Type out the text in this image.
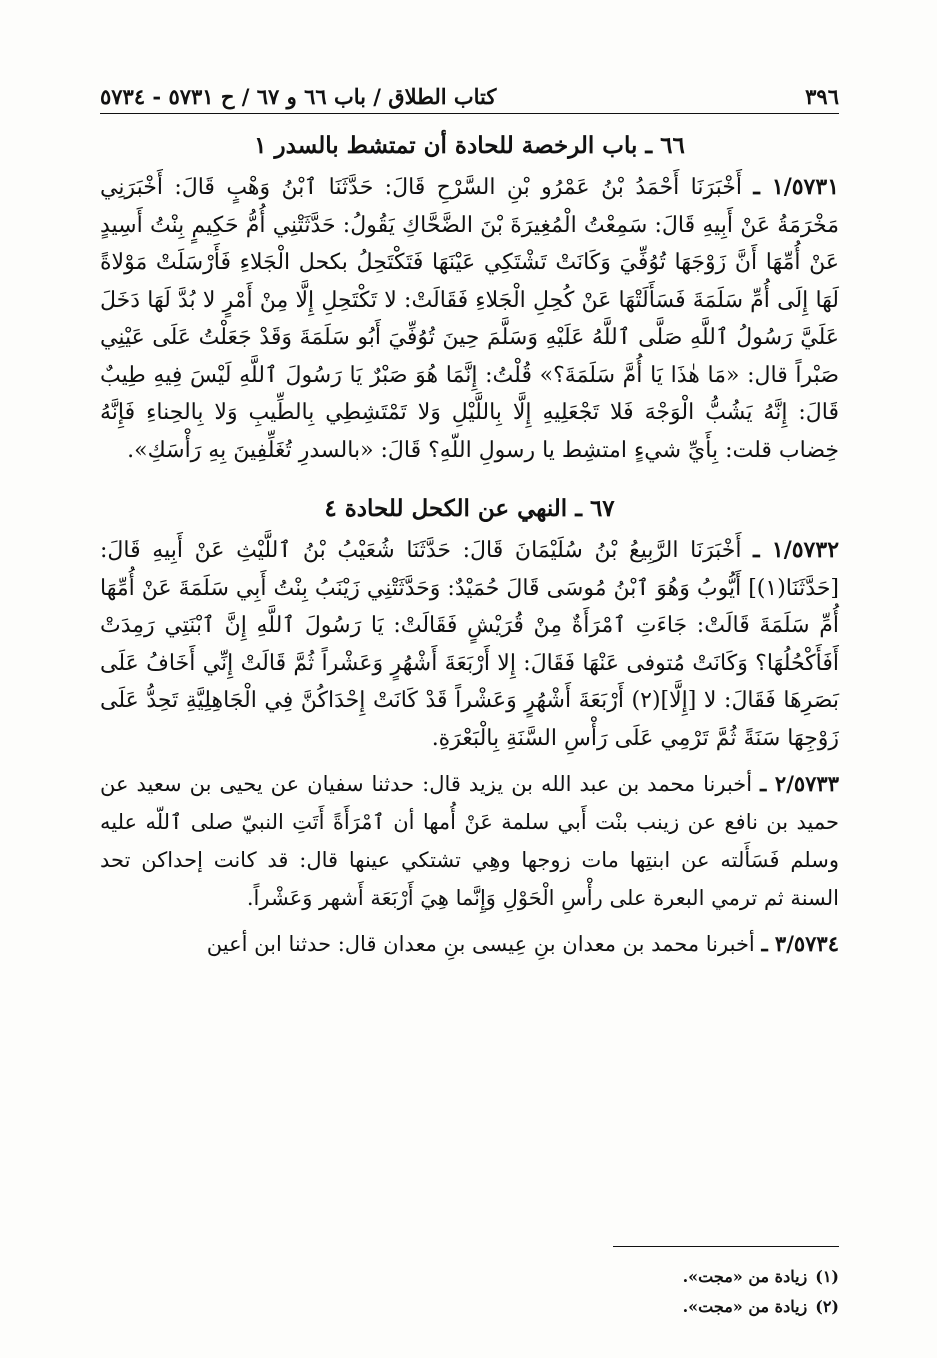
٣٩٦
كتاب الطلاق / باب ٦٦ و ٦٧ / ح ٥٧٣١ - ٥٧٣٤
٦٦ ـ باب الرخصة للحادة أن تمتشط بالسدر ١

١/٥٧٣١ ـ أَخْبَرَنَا أَحْمَدُ بْنُ عَمْرُو بْنِ السَّرْحِ قَالَ: حَدَّثَنَا ٱبْنُ وَهْبٍ قَالَ: أَخْبَرَنِي مَخْرَمَةُ عَنْ أَبِيهِ قَالَ: سَمِعْتُ الْمُغِيرَةَ بْنَ الضَّحَّاكِ يَقُولُ: حَدَّثَتْنِي أُمُّ حَكِيمٍ بِنْتُ أَسِيدٍ عَنْ أُمِّهَا أَنَّ زَوْجَهَا تُوُفِّيَ وَكَانَتْ تَشْتَكِي عَيْنَهَا فَتَكْتَحِلُ بكحل الْجَلاءِ فَأَرْسَلَتْ مَوْلاةً لَهَا إِلَى أُمِّ سَلَمَةَ فَسَأَلَتْهَا عَنْ كُحِلِ الْجَلاءِ فَقَالَتْ: لا تَكْتَحِلِ إِلَّا مِنْ أَمْرٍ لا بُدَّ لَهَا دَخَلَ عَلَيَّ رَسُولُ ٱللَّهِ صَلَّى ٱللَّهُ عَلَيْهِ وَسَلَّمَ حِينَ تُوُفِّيَ أَبُو سَلَمَةَ وَقَدْ جَعَلْتُ عَلَى عَيْنِي صَبْراً قال: «مَا هٰذَا يَا أُمَّ سَلَمَةَ؟» قُلْتُ: إِنَّمَا هُوَ صَبْرٌ يَا رَسُولَ ٱللَّهِ لَيْسَ فِيهِ طِيبٌ قَالَ: إِنَّهُ يَشُبُّ الْوَجْهَ فَلا تَجْعَلِيهِ إِلَّا بِاللَّيْلِ وَلا تَمْتَشِطِي بِالطِّيبِ وَلا بِالحِناءِ فَإِنَّهُ خِضاب قلت: بِأَيِّ شيءٍ امتشِط يا رسولِ اللّهِ؟ قَالَ: «بالسدرِ تُغَلِّفِينَ بِهِ رَأْسَكِ».

٦٧ ـ النهي عن الكحل للحادة ٤

١/٥٧٣٢ ـ أَخْبَرَنَا الرَّبِيعُ بْنُ سُلَيْمَانَ قَالَ: حَدَّثَنَا شُعَيْبُ بْنُ ٱللَّيْثِ عَنْ أَبِيهِ قَالَ: [حَدَّثَنَا(١)] أَيُّوبُ وَهُوَ ٱبْنُ مُوسَى قَالَ حُمَيْدٌ: وَحَدَّثَتْنِي زَيْنَبُ بِنْتُ أَبِي سَلَمَةَ عَنْ أُمِّهَا أُمِّ سَلَمَةَ قَالَتْ: جَاءَتِ ٱمْرَأَةٌ مِنْ قُرَيْشٍ فَقَالَتْ: يَا رَسُولَ ٱللَّهِ إِنَّ ٱبْنَتِي رَمِدَتْ أَفَأَكْحُلُهَا؟ وَكَانَتْ مُتوفى عَنْهَا فَقَالَ: إِلا أَرْبَعَةَ أَشْهُرٍ وَعَشْراً ثُمَّ قَالَتْ إِنِّي أَخَافُ عَلَى بَصَرِهَا فَقَالَ: لا [إِلَّا](٢) أَرْبَعَةَ أَشْهُرٍ وَعَشْراً قَدْ كَانَتْ إِحْدَاكُنَّ فِي الْجَاهِلِيَّةِ تَحِدُّ عَلَى زَوْجِهَا سَنَةً ثُمَّ تَرْمِي عَلَى رَأْسِ السَّنَةِ بِالْبَعْرَةِ.

٢/٥٧٣٣ ـ أخبرنا محمد بن عبد الله بن يزيد قال: حدثنا سفيان عن يحيى بن سعيد عن حميد بن نافع عن زينب بنْت أَبي سلمة عَنْ أُمها أن ٱمْرَأَةً أَتَتِ النبيّ صلى ٱللّه عليه وسلم فَسَأَلته عن ابنتِها مات زوجها وهِي تشتكي عينها قال: قد كانت إحداكن تحد السنة ثم ترمي البعرة على رأْسِ الْحَوْلِ وَإِنَّما هِيَ أَرْبَعَة أَشهر وَعَشْراً.

٣/٥٧٣٤ ـ أخبرنا محمد بن معدان بنِ عِيسى بنِ معدان قال: حدثنا ابن أعين

(١)
زيادة من «مجت».
(٢)
زيادة من «مجت».
